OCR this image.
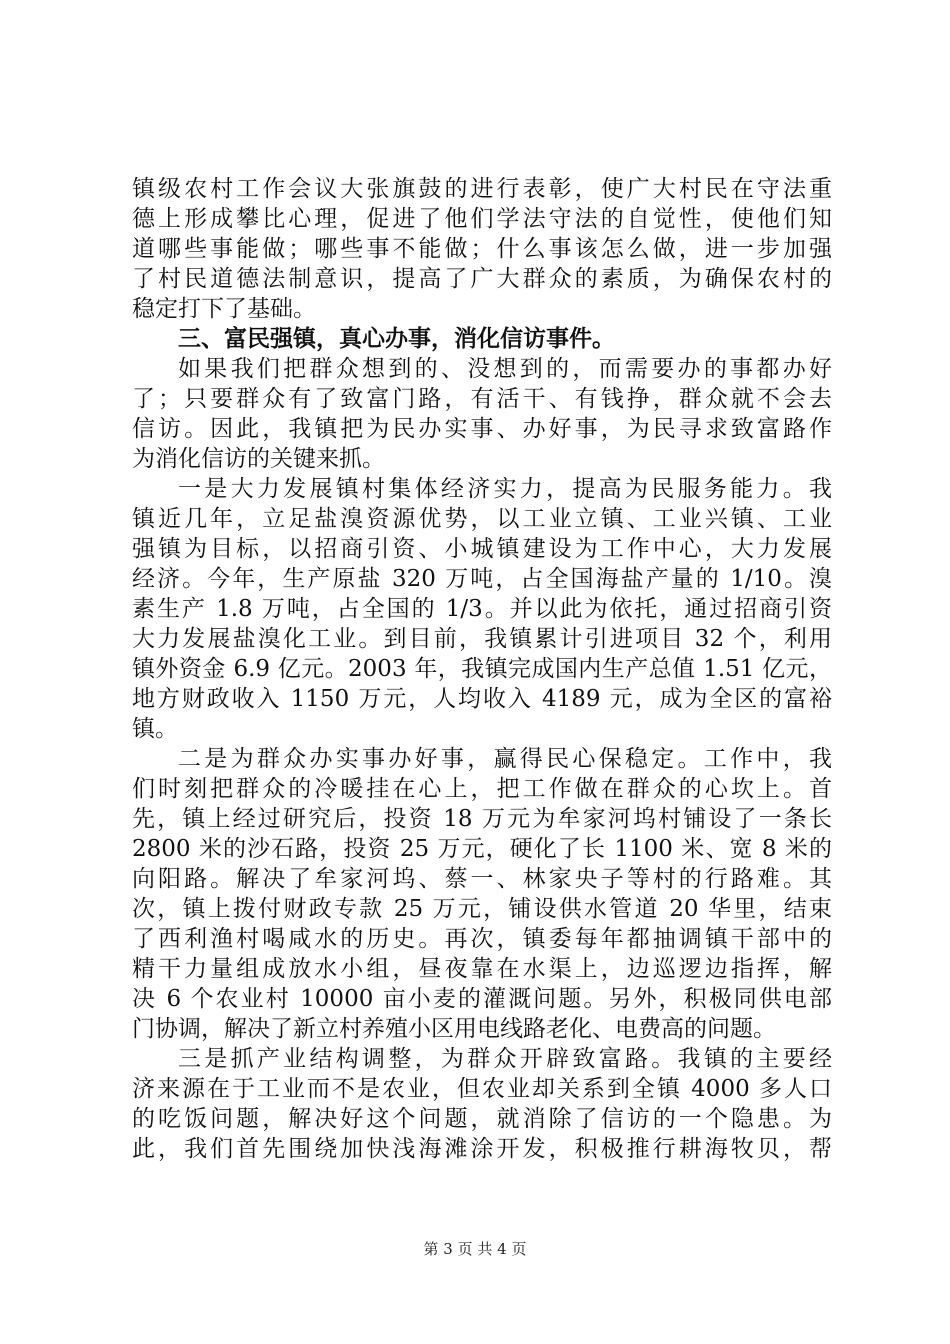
镇级农村工作会议大张旗鼓的进行表彰，使广大村民在守法重
德上形成攀比心理，促进了他们学法守法的自觉性，使他们知
道哪些事能做；哪些事不能做；什么事该怎么做，进一步加强
了村民道德法制意识，提高了广大群众的素质，为确保农村的
稳定打下了基础。
三、富民强镇，真心办事，消化信访事件。
如果我们把群众想到的、没想到的，而需要办的事都办好
了；只要群众有了致富门路，有活干、有钱挣，群众就不会去
信访。因此，我镇把为民办实事、办好事，为民寻求致富路作
为消化信访的关键来抓。
一是大力发展镇村集体经济实力，提高为民服务能力。我
镇近几年，立足盐溴资源优势，以工业立镇、工业兴镇、工业
强镇为目标，以招商引资、小城镇建设为工作中心，大力发展
经济。今年，生产原盐 320 万吨，占全国海盐产量的 1/10。溴
素生产 1.8 万吨，占全国的 1/3。并以此为依托，通过招商引资
大力发展盐溴化工业。到目前，我镇累计引进项目 32 个，利用
镇外资金 6.9 亿元。2003 年，我镇完成国内生产总值 1.51 亿元，
地方财政收入 1150 万元，人均收入 4189 元，成为全区的富裕
镇。
二是为群众办实事办好事，赢得民心保稳定。工作中，我
们时刻把群众的冷暖挂在心上，把工作做在群众的心坎上。首
先，镇上经过研究后，投资 18 万元为牟家河坞村铺设了一条长
2800 米的沙石路，投资 25 万元，硬化了长 1100 米、宽 8 米的
向阳路。解决了牟家河坞、蔡一、林家央子等村的行路难。其
次，镇上拨付财政专款 25 万元，铺设供水管道 20 华里，结束
了西利渔村喝咸水的历史。再次，镇委每年都抽调镇干部中的
精干力量组成放水小组，昼夜靠在水渠上，边巡逻边指挥，解
决 6 个农业村 10000 亩小麦的灌溉问题。另外，积极同供电部
门协调，解决了新立村养殖小区用电线路老化、电费高的问题。
三是抓产业结构调整，为群众开辟致富路。我镇的主要经
济来源在于工业而不是农业，但农业却关系到全镇 4000 多人口
的吃饭问题，解决好这个问题，就消除了信访的一个隐患。为
此，我们首先围绕加快浅海滩涂开发，积极推行耕海牧贝，帮
第 3 页 共 4 页
